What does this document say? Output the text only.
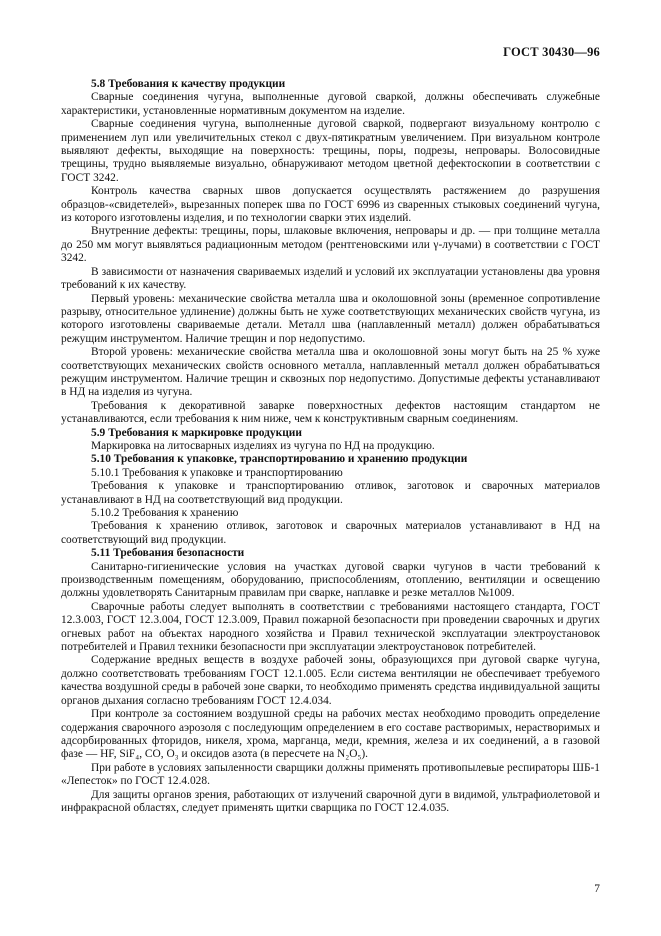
ГОСТ 30430—96

5.8 Требования к качеству продукции

Сварные соединения чугуна, выполненные дуговой сваркой, должны обеспечивать служебные характеристики, установленные нормативным документом на изделие.

Сварные соединения чугуна, выполненные дуговой сваркой, подвергают визуальному контролю с применением луп или увеличительных стекол с двух-пятикратным увеличением. При визуальном контроле выявляют дефекты, выходящие на поверхность: трещины, поры, подрезы, непровары. Волосовидные трещины, трудно выявляемые визуально, обнаруживают методом цветной дефектоскопии в соответствии с ГОСТ 3242.

Контроль качества сварных швов допускается осуществлять растяжением до разрушения образцов-«свидетелей», вырезанных поперек шва по ГОСТ 6996 из сваренных стыковых соединений чугуна, из которого изготовлены изделия, и по технологии сварки этих изделий.

Внутренние дефекты: трещины, поры, шлаковые включения, непровары и др. — при толщине металла до 250 мм могут выявляться радиационным методом (рентгеновскими или γ-лучами) в соответствии с ГОСТ 3242.

В зависимости от назначения свариваемых изделий и условий их эксплуатации установлены два уровня требований к их качеству.

Первый уровень: механические свойства металла шва и околошовной зоны (временное сопротивление разрыву, относительное удлинение) должны быть не хуже соответствующих механических свойств чугуна, из которого изготовлены свариваемые детали. Металл шва (наплавленный металл) должен обрабатываться режущим инструментом. Наличие трещин и пор недопустимо.

Второй уровень: механические свойства металла шва и околошовной зоны могут быть на 25 % хуже соответствующих механических свойств основного металла, наплавленный металл должен обрабатываться режущим инструментом. Наличие трещин и сквозных пор недопустимо. Допустимые дефекты устанавливают в НД на изделия из чугуна.

Требования к декоративной заварке поверхностных дефектов настоящим стандартом не устанавливаются, если требования к ним ниже, чем к конструктивным сварным соединениям.

5.9 Требования к маркировке продукции

Маркировка на литосварных изделиях из чугуна по НД на продукцию.

5.10 Требования к упаковке, транспортированию и хранению продукции

5.10.1 Требования к упаковке и транспортированию

Требования к упаковке и транспортированию отливок, заготовок и сварочных материалов устанавливают в НД на соответствующий вид продукции.

5.10.2 Требования к хранению

Требования к хранению отливок, заготовок и сварочных материалов устанавливают в НД на соответствующий вид продукции.

5.11 Требования безопасности

Санитарно-гигиенические условия на участках дуговой сварки чугунов в части требований к производственным помещениям, оборудованию, приспособлениям, отоплению, вентиляции и освещению должны удовлетворять Санитарным правилам при сварке, наплавке и резке металлов №1009.

Сварочные работы следует выполнять в соответствии с требованиями настоящего стандарта, ГОСТ 12.3.003, ГОСТ 12.3.004, ГОСТ 12.3.009, Правил пожарной безопасности при проведении сварочных и других огневых работ на объектах народного хозяйства и Правил технической эксплуатации электроустановок потребителей и Правил техники безопасности при эксплуатации электроустановок потребителей.

Содержание вредных веществ в воздухе рабочей зоны, образующихся при дуговой сварке чугуна, должно соответствовать требованиям ГОСТ 12.1.005. Если система вентиляции не обеспечивает требуемого качества воздушной среды в рабочей зоне сварки, то необходимо применять средства индивидуальной защиты органов дыхания согласно требованиям ГОСТ 12.4.034.

При контроле за состоянием воздушной среды на рабочих местах необходимо проводить определение содержания сварочного аэрозоля с последующим определением в его составе растворимых, нерастворимых и адсорбированных фторидов, никеля, хрома, марганца, меди, кремния, железа и их соединений, а в газовой фазе — HF, SiF₄, CO, O₃ и оксидов азота (в пересчете на N₂O₅).

При работе в условиях запыленности сварщики должны применять противопылевые респираторы ШБ-1 «Лепесток» по ГОСТ 12.4.028.

Для защиты органов зрения, работающих от излучений сварочной дуги в видимой, ультрафиолетовой и инфракрасной областях, следует применять щитки сварщика по ГОСТ 12.4.035.

7
